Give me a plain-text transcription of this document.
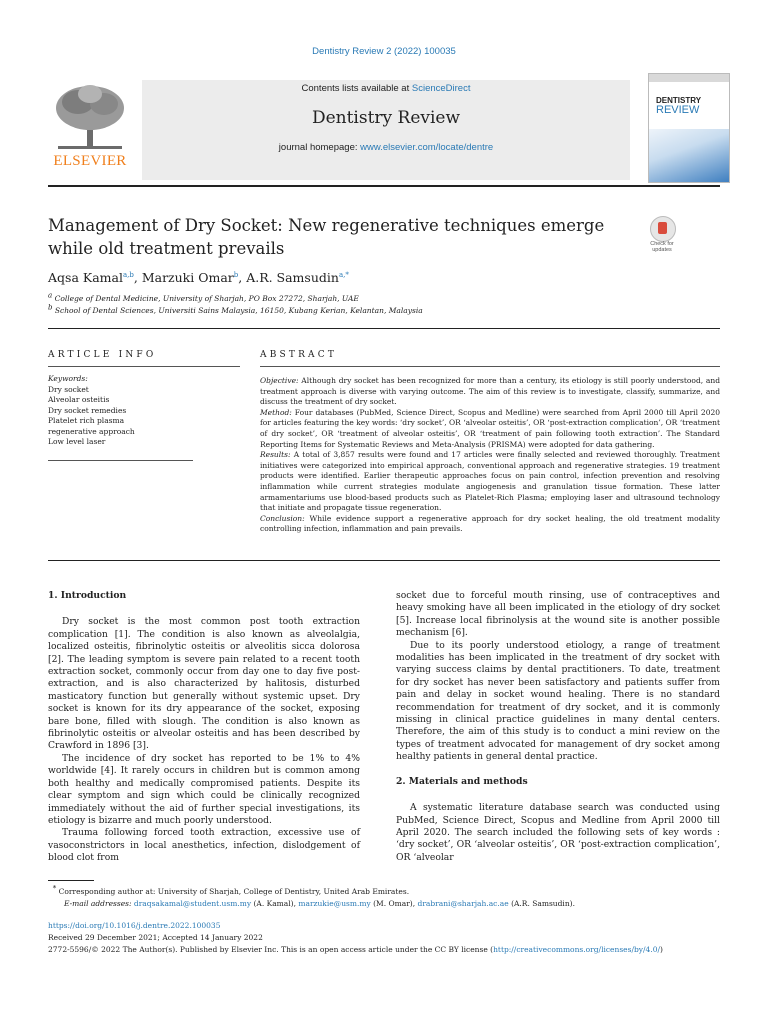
Dentistry Review 2 (2022) 100035
ELSEVIER
Contents lists available at ScienceDirect
Dentistry Review
journal homepage: www.elsevier.com/locate/dentre
DENTISTRY
REVIEW
Management of Dry Socket: New regenerative techniques emerge while old treatment prevails	Check for updates
Aqsa Kamal$^{a,b}$, Marzuki Omar$^b$, A.R. Samsudin$^{a,*}$
$^a$ College of Dental Medicine, University of Sharjah, PO Box 27272, Sharjah, UAE
$^b$ School of Dental Sciences, Universiti Sains Malaysia, 16150, Kubang Kerian, Kelantan, Malaysia
ARTICLE INFO
Keywords:
Dry socket
Alveolar osteitis
Dry socket remedies
Platelet rich plasma
regenerative approach
Low level laser
ABSTRACT
Objective: Although dry socket has been recognized for more than a century, its etiology is still poorly understood, and treatment approach is diverse with varying outcome. The aim of this review is to investigate, classify, summarize, and discuss the treatment of dry socket.
Method: Four databases (PubMed, Science Direct, Scopus and Medline) were searched from April 2000 till April 2020 for articles featuring the key words: ‘dry socket’, OR ‘alveolar osteitis’, OR ‘post-extraction complication’, OR ‘treatment of dry socket’, OR ‘treatment of alveolar osteitis’, OR ‘treatment of pain following tooth extraction’. The Standard Reporting Items for Systematic Reviews and Meta-Analysis (PRISMA) were adopted for data gathering.
Results: A total of 3,857 results were found and 17 articles were finally selected and reviewed thoroughly. Treatment initiatives were categorized into empirical approach, conventional approach and regenerative strategies. 19 treatment products were identified. Earlier therapeutic approaches focus on pain control, infection prevention and resolving inflammation while current strategies modulate angiogenesis and granulation tissue formation. These latter armamentariums use blood-based products such as Platelet-Rich Plasma; employing laser and ultrasound technology that initiate and propagate tissue regeneration.
Conclusion: While evidence support a regenerative approach for dry socket healing, the old treatment modality controlling infection, inflammation and pain prevails.
1. Introduction

Dry socket is the most common post tooth extraction complication [1]. The condition is also known as alveolalgia, localized osteitis, fibrinolytic osteitis or alveolitis sicca dolorosa [2]. The leading symptom is severe pain related to a recent tooth extraction socket, commonly occur from day one to day five post-extraction, and is also characterized by halitosis, disturbed masticatory function but generally without systemic upset. Dry socket is known for its dry appearance of the socket, exposing bare bone, filled with slough. The condition is also known as fibrinolytic osteitis or alveolar osteitis and has been described by Crawford in 1896 [3].

The incidence of dry socket has reported to be 1% to 4% worldwide [4]. It rarely occurs in children but is common among both healthy and medically compromised patients. Despite its clear symptom and sign which could be clinically recognized immediately without the aid of further special investigations, its etiology is bizarre and much poorly understood.

Trauma following forced tooth extraction, excessive use of vasoconstrictors in local anesthetics, infection, dislodgement of blood clot from

socket due to forceful mouth rinsing, use of contraceptives and heavy smoking have all been implicated in the etiology of dry socket [5]. Increase local fibrinolysis at the wound site is another possible mechanism [6].

Due to its poorly understood etiology, a range of treatment modalities has been implicated in the treatment of dry socket with varying success claims by dental practitioners. To date, treatment for dry socket has never been satisfactory and patients suffer from pain and delay in socket wound healing. There is no standard recommendation for treatment of dry socket, and it is commonly missing in clinical practice guidelines in many dental centers. Therefore, the aim of this study is to conduct a mini review on the types of treatment advocated for management of dry socket among healthy patients in general dental practice.

2. Materials and methods

A systematic literature database search was conducted using PubMed, Science Direct, Scopus and Medline from April 2000 till April 2020. The search included the following sets of key words : ‘dry socket’, OR ‘alveolar osteitis’, OR ‘post-extraction complication’, OR ‘alveolar

* Corresponding author at: University of Sharjah, College of Dentistry, United Arab Emirates.
E-mail addresses: draqsakamal@student.usm.my (A. Kamal), marzukie@usm.my (M. Omar), drabrani@sharjah.ac.ae (A.R. Samsudin).
https://doi.org/10.1016/j.dentre.2022.100035
Received 29 December 2021; Accepted 14 January 2022
2772-5596/© 2022 The Author(s). Published by Elsevier Inc. This is an open access article under the CC BY license (http://creativecommons.org/licenses/by/4.0/)
